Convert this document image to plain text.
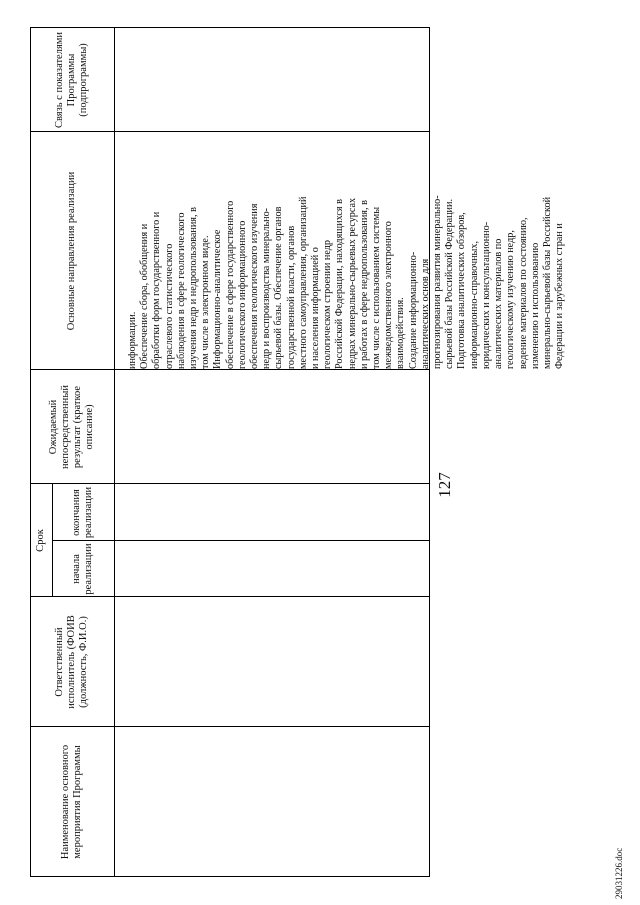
127
Наименование основного мероприятия Программы
Ответственный исполнитель (ФОИВ (должность, Ф.И.О.)
Срок
начала реализации
окончания реализации
Ожидаемый непосредственный результат (краткое описание)
Основные направления реализации
Связь с показателями Программы (подпрограммы)
информации.
Обеспечение сбора, обобщения и
обработки форм государственного и
отраслевого статистического
наблюдения в сфере геологического
изучения недр и недропользования, в
том числе в электронном виде.
Информационно-аналитическое
обеспечение в сфере государственного
геологического информационного
обеспечения геологического изучения
недр и воспроизводства минерально-
сырьевой базы. Обеспечение органов
государственной власти, органов
местного самоуправления, организаций
и населения информацией о
геологическом строении недр
Российской Федерации, находящихся в
недрах минерально-сырьевых ресурсах
и работах в сфере недропользования, в
том числе с использованием системы
межведомственного электронного
взаимодействия.
Создание информационно-
аналитических основ для
прогнозирования развития минерально-
сырьевой базы Российской Федерации.
Подготовка аналитических обзоров,
информационно-справочных,
юридических и консультационно-
аналитических материалов по
геологическому изучению недр,
ведение материалов по состоянию,
изменению и использованию
минерально-сырьевой базы Российской
Федерации и зарубежных стран и
29031226.doc
